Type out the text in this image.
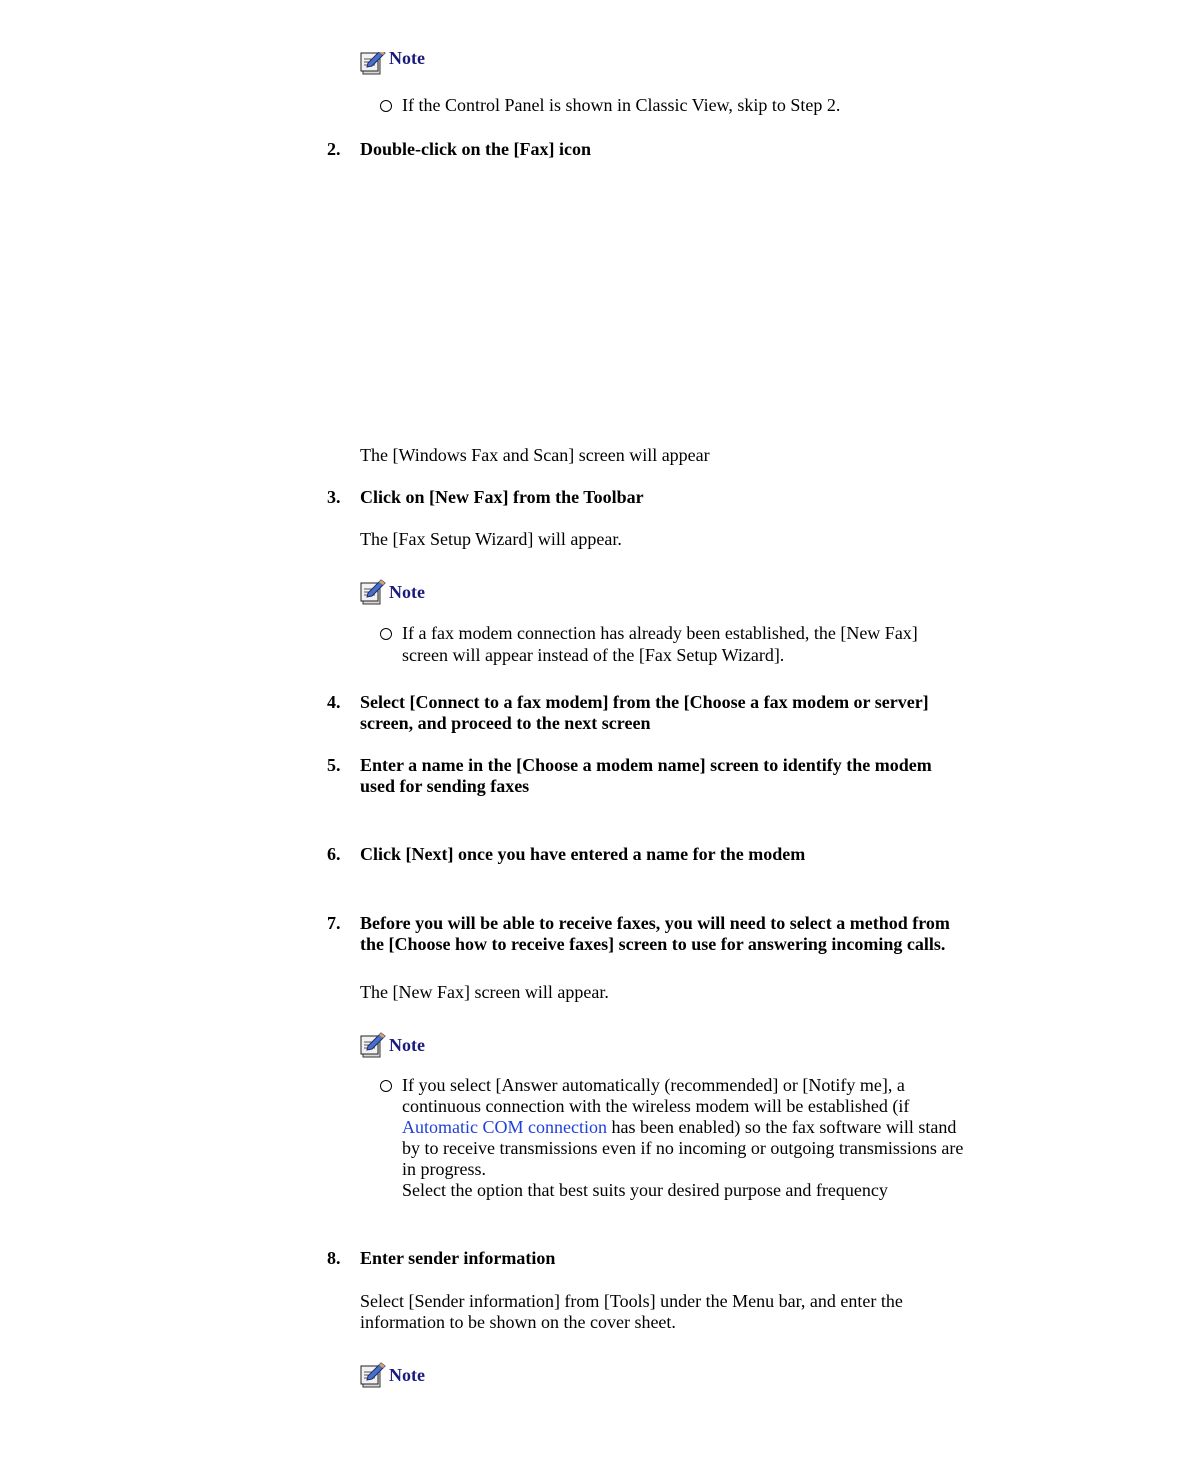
Note

If the Control Panel is shown in Classic View, skip to Step 2.

2. Double-click on the [Fax] icon

The [Windows Fax and Scan] screen will appear

3. Click on [New Fax] from the Toolbar

The [Fax Setup Wizard] will appear.

Note

If a fax modem connection has already been established, the [New Fax]

screen will appear instead of the [Fax Setup Wizard].

4. Select [Connect to a fax modem] from the [Choose a fax modem or server]

screen, and proceed to the next screen

5. Enter a name in the [Choose a modem name] screen to identify the modem

used for sending faxes

6. Click [Next] once you have entered a name for the modem

7. Before you will be able to receive faxes, you will need to select a method from

the [Choose how to receive faxes] screen to use for answering incoming calls.

The [New Fax] screen will appear.

Note

If you select [Answer automatically (recommended] or [Notify me], a

continuous connection with the wireless modem will be established (if

Automatic COM connection has been enabled) so the fax software will stand

by to receive transmissions even if no incoming or outgoing transmissions are

in progress.

Select the option that best suits your desired purpose and frequency

8. Enter sender information

Select [Sender information] from [Tools] under the Menu bar, and enter the

information to be shown on the cover sheet.

Note
